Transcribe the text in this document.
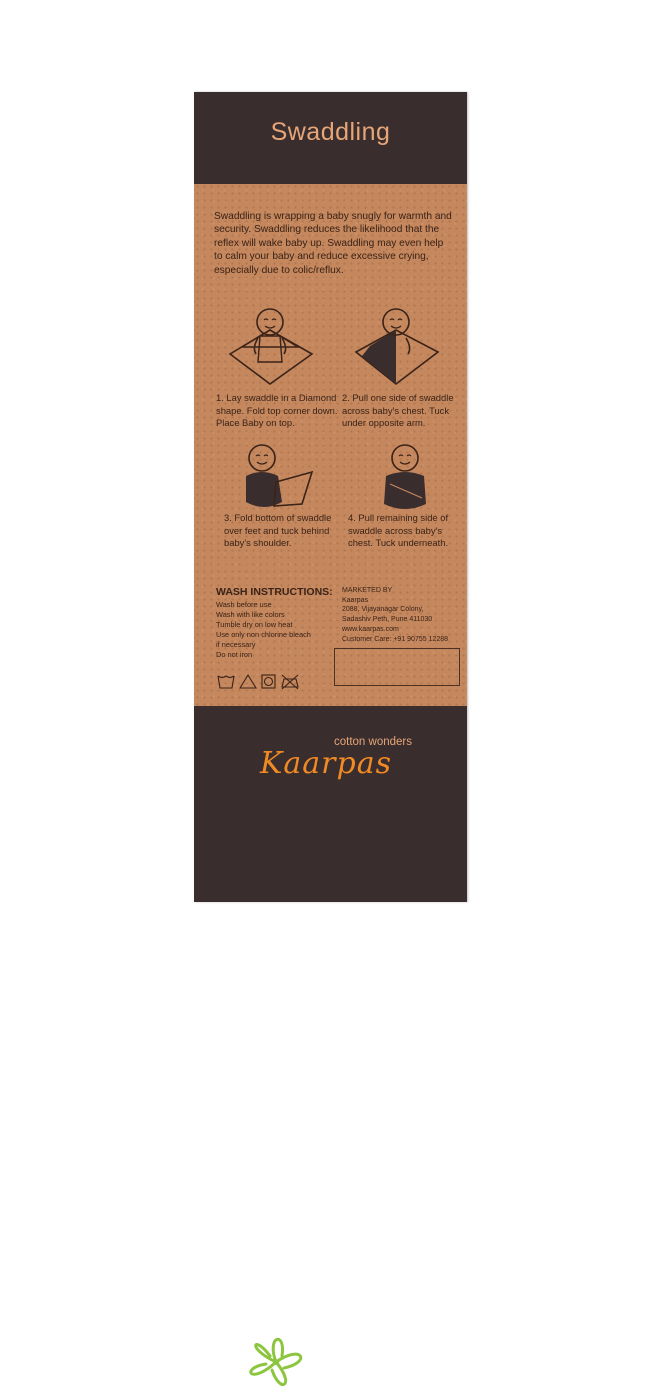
Swaddling
Swaddling is wrapping a baby snugly for warmth and security. Swaddling reduces the likelihood that the reflex will wake baby up. Swaddling may even help to calm your baby and reduce excessive crying, especially due to colic/reflux.
1. Lay swaddle in a Diamond shape. Fold top corner down. Place Baby on top.
2. Pull one side of swaddle across baby's chest. Tuck under opposite arm.
3. Fold bottom of swaddle over feet and tuck behind baby's shoulder.
4. Pull remaining side of swaddle across baby's chest. Tuck underneath.
WASH INSTRUCTIONS:
Wash before use
Wash with like colors
Tumble dry on low heat
Use only non chlorine bleach
if necessary
Do not iron
MARKETED BY
Kaarpas
2088, Vijayanagar Colony,
Sadashiv Peth, Pune 411030
www.kaarpas.com
Customer Care: +91 90755 12288
cotton wonders
Kaarpas
